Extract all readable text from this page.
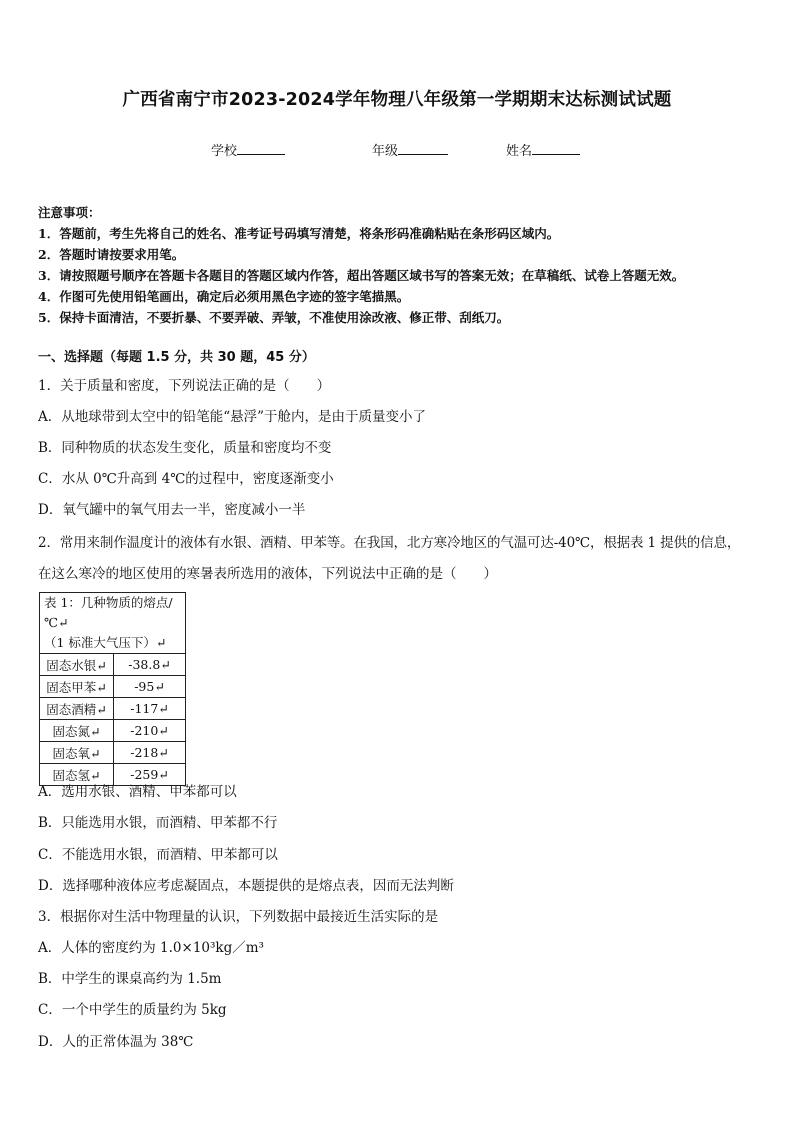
广西省南宁市2023-2024学年物理八年级第一学期期末达标测试试题
学校	年级	姓名
注意事项：
1．答题前，考生先将自己的姓名、准考证号码填写清楚，将条形码准确粘贴在条形码区域内。
2．答题时请按要求用笔。
3．请按照题号顺序在答题卡各题目的答题区域内作答，超出答题区域书写的答案无效；在草稿纸、试卷上答题无效。
4．作图可先使用铅笔画出，确定后必须用黑色字迹的签字笔描黑。
5．保持卡面清洁，不要折暴、不要弄破、弄皱，不准使用涂改液、修正带、刮纸刀。
一、选择题（每题 1.5 分，共 30 题，45 分）
1．关于质量和密度，下列说法正确的是（　　）
A．从地球带到太空中的铅笔能“悬浮”于舱内，是由于质量变小了
B．同种物质的状态发生变化，质量和密度均不变
C．水从 0℃升高到 4℃的过程中，密度逐渐变小
D．氧气罐中的氧气用去一半，密度减小一半
2．常用来制作温度计的液体有水银、酒精、甲苯等。在我国，北方寒冷地区的气温可达-40℃，根据表 1 提供的信息，
在这么寒冷的地区使用的寒暑表所选用的液体，下列说法中正确的是（　　）
表 1：几种物质的熔点/℃↵
（1 标准大气压下）↵	

固态水银↵	-38.8↵
固态甲苯↵	-95↵
固态酒精↵	-117↵
固态氮↵	-210↵
固态氧↵	-218↵
固态氢↵	-259↵
A．选用水银、酒精、甲苯都可以
B．只能选用水银，而酒精、甲苯都不行
C．不能选用水银，而酒精、甲苯都可以
D．选择哪种液体应考虑凝固点，本题提供的是熔点表，因而无法判断
3．根据你对生活中物理量的认识，下列数据中最接近生活实际的是
A．人体的密度约为 1.0×10³kg／m³
B．中学生的课桌高约为 1.5m
C．一个中学生的质量约为 5kg
D．人的正常体温为 38℃
